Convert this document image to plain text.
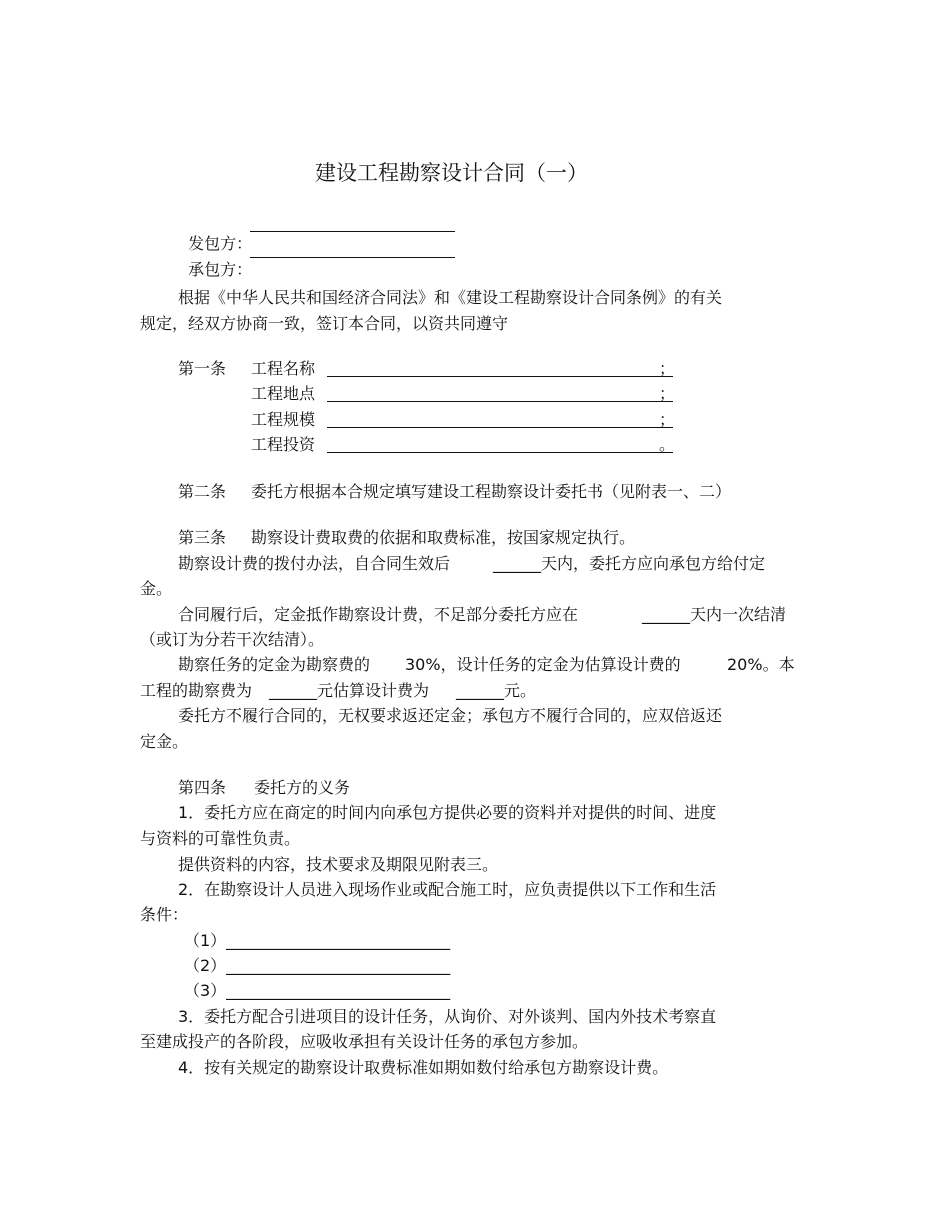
建设工程勘察设计合同（一）

发包方：

承包方：

根据《中华人民共和国经济合同法》和《建设工程勘察设计合同条例》的有关
规定，经双方协商一致，签订本合同，以资共同遵守
第一条 工程名称	；
工程地点	；
工程规模	；
工程投资	。
第二条 委托方根据本合规定填写建设工程勘察设计委托书（见附表一、二）
第三条 勘察设计费取费的依据和取费标准，按国家规定执行。
勘察设计费的拨付办法，自合同生效后	______天内，委托方应向承包方给付定
金。
合同履行后，定金抵作勘察设计费，不足部分委托方应在	______天内一次结清
（或订为分若干次结清）。
勘察任务的定金为勘察费的 30%，设计任务的定金为估算设计费的	20%。本
工程的勘察费为 ______元估算设计费为 ______元。
委托方不履行合同的，无权要求返还定金；承包方不履行合同的，应双倍返还
定金。
第四条 委托方的义务
1．委托方应在商定的时间内向承包方提供必要的资料并对提供的时间、进度
与资料的可靠性负责。
提供资料的内容，技术要求及期限见附表三。
2．在勘察设计人员进入现场作业或配合施工时，应负责提供以下工作和生活
条件：
（1）____________________________
（2）____________________________
（3）____________________________
3．委托方配合引进项目的设计任务，从询价、对外谈判、国内外技术考察直
至建成投产的各阶段，应吸收承担有关设计任务的承包方参加。
4．按有关规定的勘察设计取费标准如期如数付给承包方勘察设计费。
